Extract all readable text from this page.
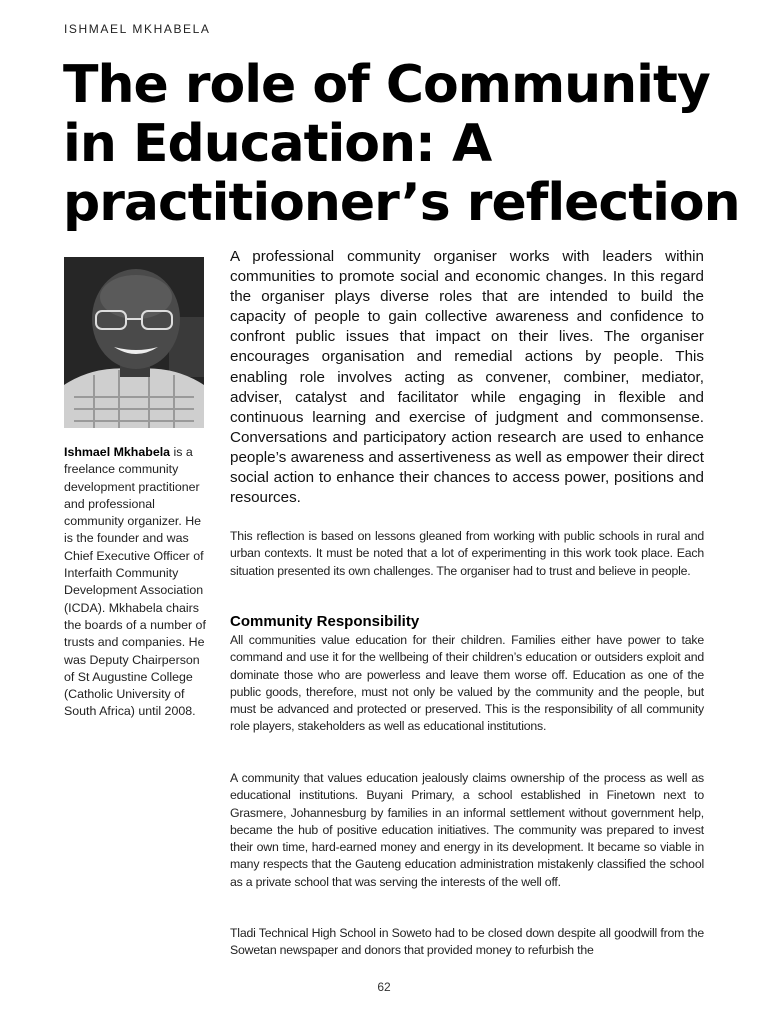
ISHMAEL MKHABELA
The role of Community in Education: A practitioner’s reflection
Ishmael Mkhabela is a freelance community development practitioner and professional community organizer. He is the founder and was Chief Executive Officer of Interfaith Community Development Association (ICDA). Mkhabela chairs the boards of a number of trusts and companies. He was Deputy Chairperson of St Augustine College (Catholic University of South Africa) until 2008.

A professional community organiser works with leaders within communities to promote social and economic changes. In this regard the organiser plays diverse roles that are intended to build the capacity of people to gain collective awareness and confidence to confront public issues that impact on their lives. The organiser encourages organisation and remedial actions by people. This enabling role involves acting as convener, combiner, mediator, adviser, catalyst and facilitator while engaging in flexible and continuous learning and exercise of judgment and commonsense. Conversations and participatory action research are used to enhance people’s awareness and assertiveness as well as empower their direct social action to enhance their chances to access power, positions and resources.

This reflection is based on lessons gleaned from working with public schools in rural and urban contexts. It must be noted that a lot of experimenting in this work took place. Each situation presented its own challenges. The organiser had to trust and believe in people.

Community Responsibility

All communities value education for their children. Families either have power to take command and use it for the wellbeing of their children’s education or outsiders exploit and dominate those who are powerless and leave them worse off. Education as one of the public goods, therefore, must not only be valued by the community and the people, but must be advanced and protected or preserved. This is the responsibility of all community role players, stakeholders as well as educational institutions.

A community that values education jealously claims ownership of the process as well as educational institutions. Buyani Primary, a school established in Finetown next to Grasmere, Johannesburg by families in an informal settlement without government help, became the hub of positive education initiatives. The community was prepared to invest their own time, hard-earned money and energy in its development. It became so viable in many respects that the Gauteng education administration mistakenly classified the school as a private school that was serving the interests of the well off.

Tladi Technical High School in Soweto had to be closed down despite all goodwill from the Sowetan newspaper and donors that provided money to refurbish the

62
